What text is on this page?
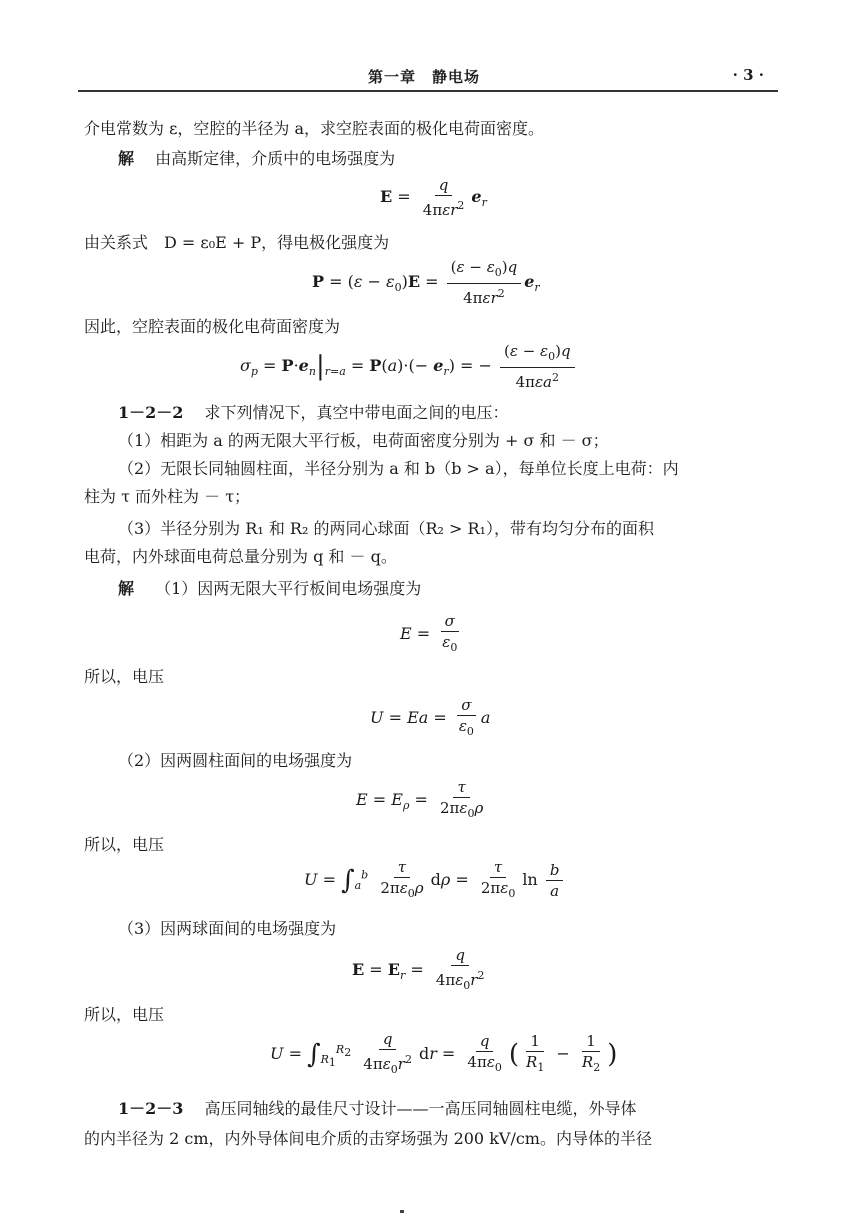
第一章　静电场	· 3 ·
介电常数为 ε，空腔的半径为 a，求空腔表面的极化电荷面密度。
解　 由高斯定律，介质中的电场强度为
$E = \frac{q}{4\pi\varepsilon r^2} e_r$
由关系式　D = ε₀E + P，得电极化强度为
$P = (\varepsilon - \varepsilon_0)E = \frac{(\varepsilon - \varepsilon_0)q}{4\pi\varepsilon r^2} e_r$
因此，空腔表面的极化电荷面密度为
$\sigma_p = P\cdot e_n|_{r=a} = P(a)\cdot(- e_r)$ = − $\frac{(\varepsilon - \varepsilon_0)q}{4\pi\varepsilon a^2}$
1－2－2　 求下列情况下，真空中带电面之间的电压：
（1）相距为 a 的两无限大平行板，电荷面密度分别为 + σ 和 － σ；
（2）无限长同轴圆柱面，半径分别为 a 和 b（b > a），每单位长度上电荷：内
柱为 τ 而外柱为 － τ；
（3）半径分别为 R₁ 和 R₂ 的两同心球面（R₂ > R₁），带有均匀分布的面积
电荷，内外球面电荷总量分别为 q 和 － q。
解　 （1）因两无限大平行板间电场强度为
$E = \frac{\sigma}{\varepsilon_0}$
所以，电压
$U = Ea = \frac{\sigma}{\varepsilon_0}$ a
（2）因两圆柱面间的电场强度为
$E = E_\rho = \frac{\tau}{2\pi\varepsilon_0\rho}$
所以，电压
$U = \int_a^b \frac{\tau}{2\pi\varepsilon_0\rho}$ $d\rho = \frac{\tau}{2\pi\varepsilon_0}$ $\ln \frac{b}{a}$
（3）因两球面间的电场强度为
$E = E_r = \frac{q}{4\pi\varepsilon_0r^2}$
所以，电压
$U = \int_{R_1}^{R_2} \frac{q}{4\pi\varepsilon_0r^2}$ dr = $\frac{q}{4\pi\varepsilon_0}$ ( $\frac{1}{R_1} - \frac{1}{R_2}$ )
1－2－3　 高压同轴线的最佳尺寸设计——一高压同轴圆柱电缆，外导体
的内半径为 2 cm，内外导体间电介质的击穿场强为 200 kV/cm。内导体的半径
